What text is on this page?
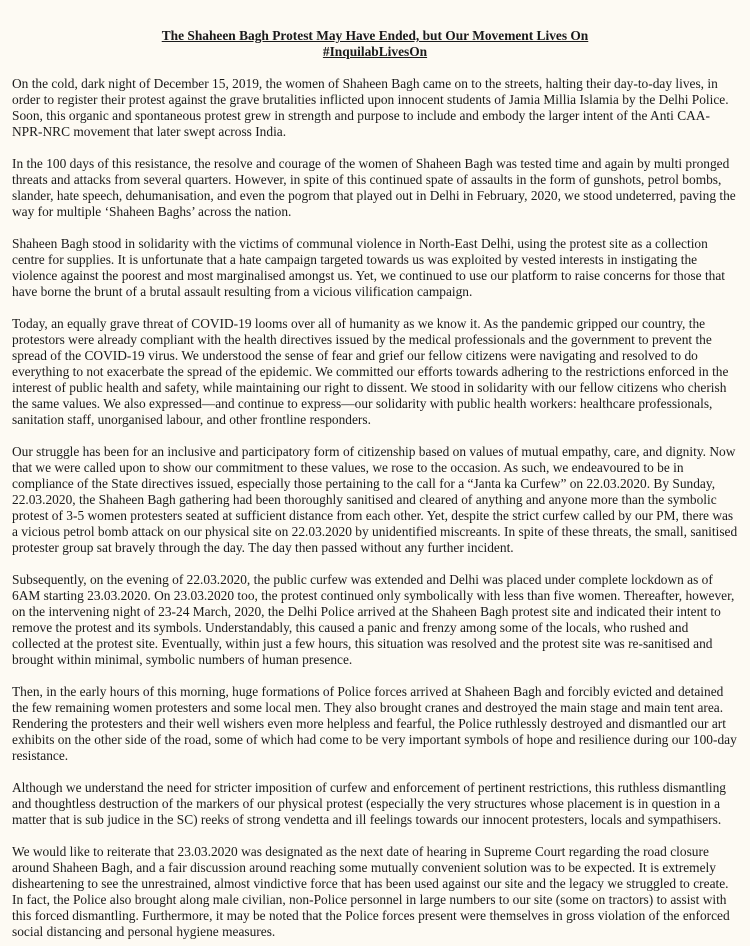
The Shaheen Bagh Protest May Have Ended, but Our Movement Lives On
#InquilabLivesOn

On the cold, dark night of December 15, 2019, the women of Shaheen Bagh came on to the streets, halting their day-to-day lives, in order to register their protest against the grave brutalities inflicted upon innocent students of Jamia Millia Islamia by the Delhi Police. Soon, this organic and spontaneous protest grew in strength and purpose to include and embody the larger intent of the Anti CAA-NPR-NRC movement that later swept across India.

In the 100 days of this resistance, the resolve and courage of the women of Shaheen Bagh was tested time and again by multi pronged threats and attacks from several quarters. However, in spite of this continued spate of assaults in the form of gunshots, petrol bombs, slander, hate speech, dehumanisation, and even the pogrom that played out in Delhi in February, 2020, we stood undeterred, paving the way for multiple ‘Shaheen Baghs’ across the nation.

Shaheen Bagh stood in solidarity with the victims of communal violence in North-East Delhi, using the protest site as a collection centre for supplies. It is unfortunate that a hate campaign targeted towards us was exploited by vested interests in instigating the violence against the poorest and most marginalised amongst us. Yet, we continued to use our platform to raise concerns for those that have borne the brunt of a brutal assault resulting from a vicious vilification campaign.

Today, an equally grave threat of COVID-19 looms over all of humanity as we know it. As the pandemic gripped our country, the protestors were already compliant with the health directives issued by the medical professionals and the government to prevent the spread of the COVID-19 virus. We understood the sense of fear and grief our fellow citizens were navigating and resolved to do everything to not exacerbate the spread of the epidemic. We committed our efforts towards adhering to the restrictions enforced in the interest of public health and safety, while maintaining our right to dissent. We stood in solidarity with our fellow citizens who cherish the same values. We also expressed—and continue to express—our solidarity with public health workers: healthcare professionals, sanitation staff, unorganised labour, and other frontline responders.

Our struggle has been for an inclusive and participatory form of citizenship based on values of mutual empathy, care, and dignity. Now that we were called upon to show our commitment to these values, we rose to the occasion. As such, we endeavoured to be in compliance of the State directives issued, especially those pertaining to the call for a “Janta ka Curfew” on 22.03.2020. By Sunday, 22.03.2020, the Shaheen Bagh gathering had been thoroughly sanitised and cleared of anything and anyone more than the symbolic protest of 3-5 women protesters seated at sufficient distance from each other. Yet, despite the strict curfew called by our PM, there was a vicious petrol bomb attack on our physical site on 22.03.2020 by unidentified miscreants. In spite of these threats, the small, sanitised protester group sat bravely through the day. The day then passed without any further incident.

Subsequently, on the evening of 22.03.2020, the public curfew was extended and Delhi was placed under complete lockdown as of 6AM starting 23.03.2020. On 23.03.2020 too, the protest continued only symbolically with less than five women. Thereafter, however, on the intervening night of 23-24 March, 2020, the Delhi Police arrived at the Shaheen Bagh protest site and indicated their intent to remove the protest and its symbols. Understandably, this caused a panic and frenzy among some of the locals, who rushed and collected at the protest site. Eventually, within just a few hours, this situation was resolved and the protest site was re-sanitised and brought within minimal, symbolic numbers of human presence.

Then, in the early hours of this morning, huge formations of Police forces arrived at Shaheen Bagh and forcibly evicted and detained the few remaining women protesters and some local men. They also brought cranes and destroyed the main stage and main tent area. Rendering the protesters and their well wishers even more helpless and fearful, the Police ruthlessly destroyed and dismantled our art exhibits on the other side of the road, some of which had come to be very important symbols of hope and resilience during our 100-day resistance.

Although we understand the need for stricter imposition of curfew and enforcement of pertinent restrictions, this ruthless dismantling and thoughtless destruction of the markers of our physical protest (especially the very structures whose placement is in question in a matter that is sub judice in the SC) reeks of strong vendetta and ill feelings towards our innocent protesters, locals and sympathisers.

We would like to reiterate that 23.03.2020 was designated as the next date of hearing in Supreme Court regarding the road closure around Shaheen Bagh, and a fair discussion around reaching some mutually convenient solution was to be expected. It is extremely disheartening to see the unrestrained, almost vindictive force that has been used against our site and the legacy we struggled to create. In fact, the Police also brought along male civilian, non-Police personnel in large numbers to our site (some on tractors) to assist with this forced dismantling. Furthermore, it may be noted that the Police forces present were themselves in gross violation of the enforced social distancing and personal hygiene measures.
